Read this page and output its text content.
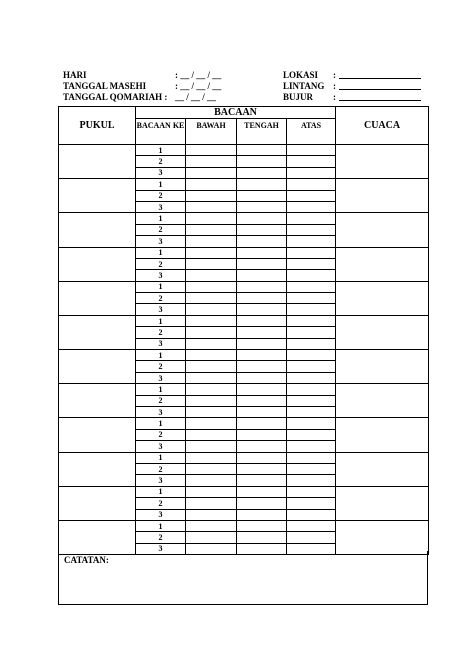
HARI	: __ / __ / __
TANGGAL MASEHI	: __ / __ / __
TANGGAL QOMARIAH : __ / __ / __
LOKASI	:
LINTANG :
BUJUR	:
PUKUL	BACAAN				CUACA
	BACAAN KE	BAWAH	TENGAH	ATAS	
	1				
	2				
	3				
	1				
	2				
	3				
	1				
	2				
	3				
	1				
	2				
	3				
	1				
	2				
	3				
	1				
	2				
	3				
	1				
	2				
	3				
	1				
	2				
	3				
	1				
	2				
	3				
	1				
	2				
	3				
	1				
	2				
	3				
	1				
	2				
	3				
CATATAN:
